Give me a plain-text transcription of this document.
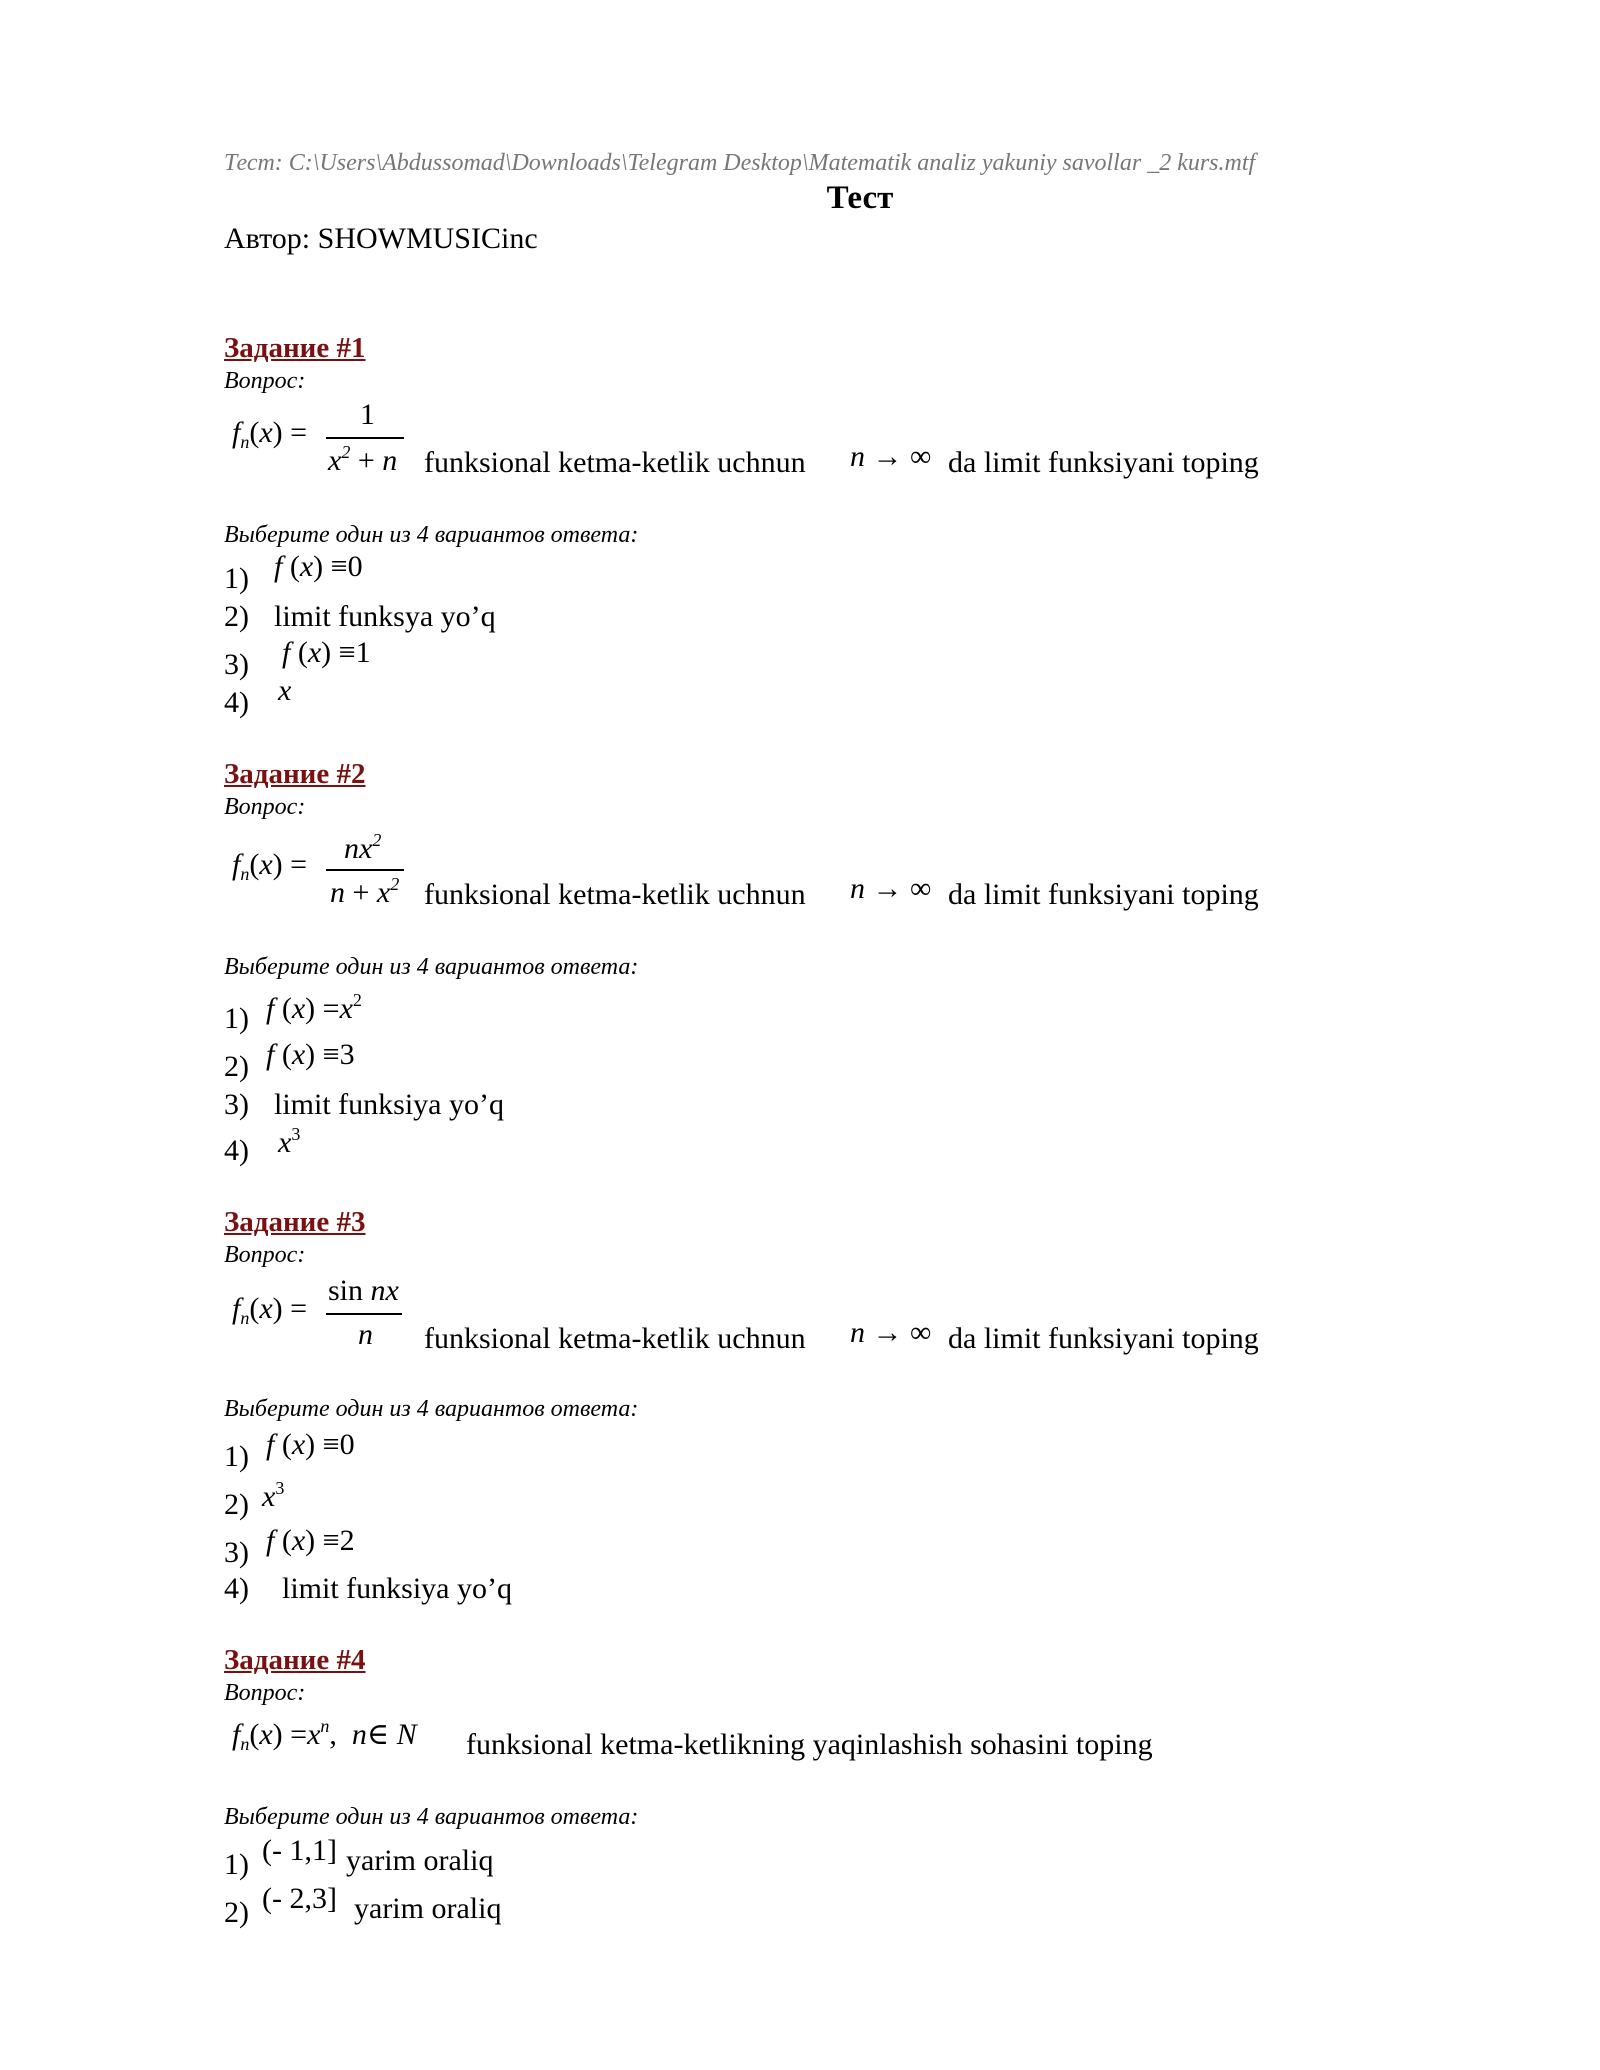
Тест: C:\Users\Abdussomad\Downloads\Telegram Desktop\Matematik analiz yakuniy savollar _2 kurs.mtf
Тест
Автор: SHOWMUSICinc
Задание #1
Вопрос:
$f_n(x)$ =
1
$x^2 + n$ funksional ketma-ketlik uchnun n → ∞ da limit funksiyani toping
Выберите один из 4 вариантов ответа:
1) f (x) ≡0
2) limit funksya yo’q
3) f (x) ≡1
4) x
Задание #2
Вопрос:
$f_n(x) = nx^2$
$n + x^2$ funksional ketma-ketlik uchnun n → ∞ da limit funksiyani toping
Выберите один из 4 вариантов ответа:
1) f $(x) =x^2$
2) f (x) ≡3
3) limit funksiya yo’q
4) $x^3$
Задание #3
Вопрос:
$f_n(x)$ =
sin nx
n funksional ketma-ketlik uchnun n → ∞ da limit funksiyani toping
Выберите один из 4 вариантов ответа:
1) f (x) ≡0
2) $x^3$
3) f (x) ≡2
4) limit funksiya yo’q
Задание #4
Вопрос:
$f_n(x) =x^n$,  n∈ N funksional ketma-ketlikning yaqinlashish sohasini toping
Выберите один из 4 вариантов ответа:
1) (- 1,1] yarim oraliq
2) (- 2,3] yarim oraliq
